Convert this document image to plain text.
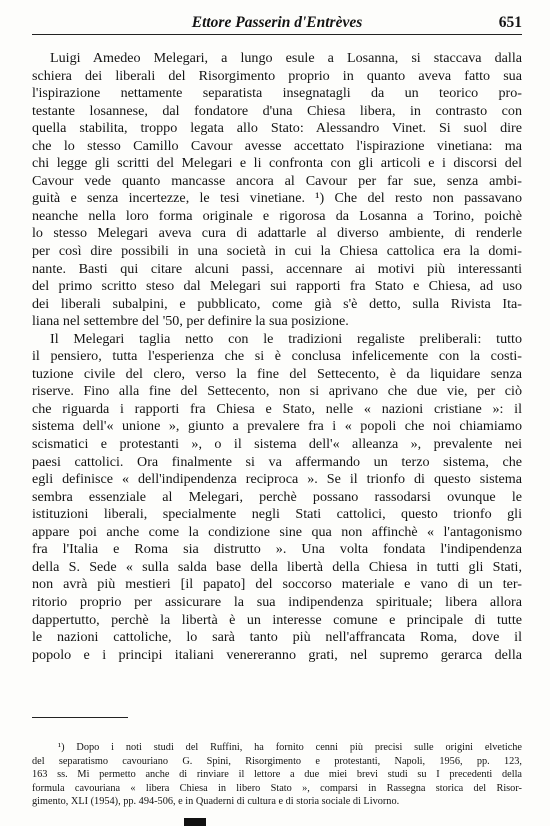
Ettore Passerin d'Entrèves	651
Luigi Amedeo Melegari, a lungo esule a Losanna, si staccava dalla
schiera dei liberali del Risorgimento proprio in quanto aveva fatto sua
l'ispirazione nettamente separatista insegnatagli da un teorico pro-
testante losannese, dal fondatore d'una Chiesa libera, in contrasto con
quella stabilita, troppo legata allo Stato: Alessandro Vinet. Si suol dire
che lo stesso Camillo Cavour avesse accettato l'ispirazione vinetiana: ma
chi legge gli scritti del Melegari e li confronta con gli articoli e i discorsi del
Cavour vede quanto mancasse ancora al Cavour per far sue, senza ambi-
guità e senza incertezze, le tesi vinetiane. ¹) Che del resto non passavano
neanche nella loro forma originale e rigorosa da Losanna a Torino, poichè
lo stesso Melegari aveva cura di adattarle al diverso ambiente, di renderle
per così dire possibili in una società in cui la Chiesa cattolica era la domi-
nante. Basti qui citare alcuni passi, accennare ai motivi più interessanti
del primo scritto steso dal Melegari sui rapporti fra Stato e Chiesa, ad uso
dei liberali subalpini, e pubblicato, come già s'è detto, sulla Rivista Ita-
liana nel settembre del '50, per definire la sua posizione.
Il Melegari taglia netto con le tradizioni regaliste preliberali: tutto
il pensiero, tutta l'esperienza che si è conclusa infelicemente con la costi-
tuzione civile del clero, verso la fine del Settecento, è da liquidare senza
riserve. Fino alla fine del Settecento, non si aprivano che due vie, per ciò
che riguarda i rapporti fra Chiesa e Stato, nelle « nazioni cristiane »: il
sistema dell'« unione », giunto a prevalere fra i « popoli che noi chiamiamo
scismatici e protestanti », o il sistema dell'« alleanza », prevalente nei
paesi cattolici. Ora finalmente si va affermando un terzo sistema, che
egli definisce « dell'indipendenza reciproca ». Se il trionfo di questo sistema
sembra essenziale al Melegari, perchè possano rassodarsi ovunque le
istituzioni liberali, specialmente negli Stati cattolici, questo trionfo gli
appare poi anche come la condizione sine qua non affinchè « l'antagonismo
fra l'Italia e Roma sia distrutto ». Una volta fondata l'indipendenza
della S. Sede « sulla salda base della libertà della Chiesa in tutti gli Stati,
non avrà più mestieri [il papato] del soccorso materiale e vano di un ter-
ritorio proprio per assicurare la sua indipendenza spirituale; libera allora
dappertutto, perchè la libertà è un interesse comune e principale di tutte
le nazioni cattoliche, lo sarà tanto più nell'affrancata Roma, dove il
popolo e i principi italiani venereranno grati, nel supremo gerarca della
¹) Dopo i noti studi del Ruffini, ha fornito cenni più precisi sulle origini elvetiche
del separatismo cavouriano G. Spini, Risorgimento e protestanti, Napoli, 1956, pp. 123,
163 ss. Mi permetto anche di rinviare il lettore a due miei brevi studi su I precedenti della
formula cavouriana « libera Chiesa in libero Stato », comparsi in Rassegna storica del Risor-
gimento, XLI (1954), pp. 494-506, e in Quaderni di cultura e di storia sociale di Livorno.
